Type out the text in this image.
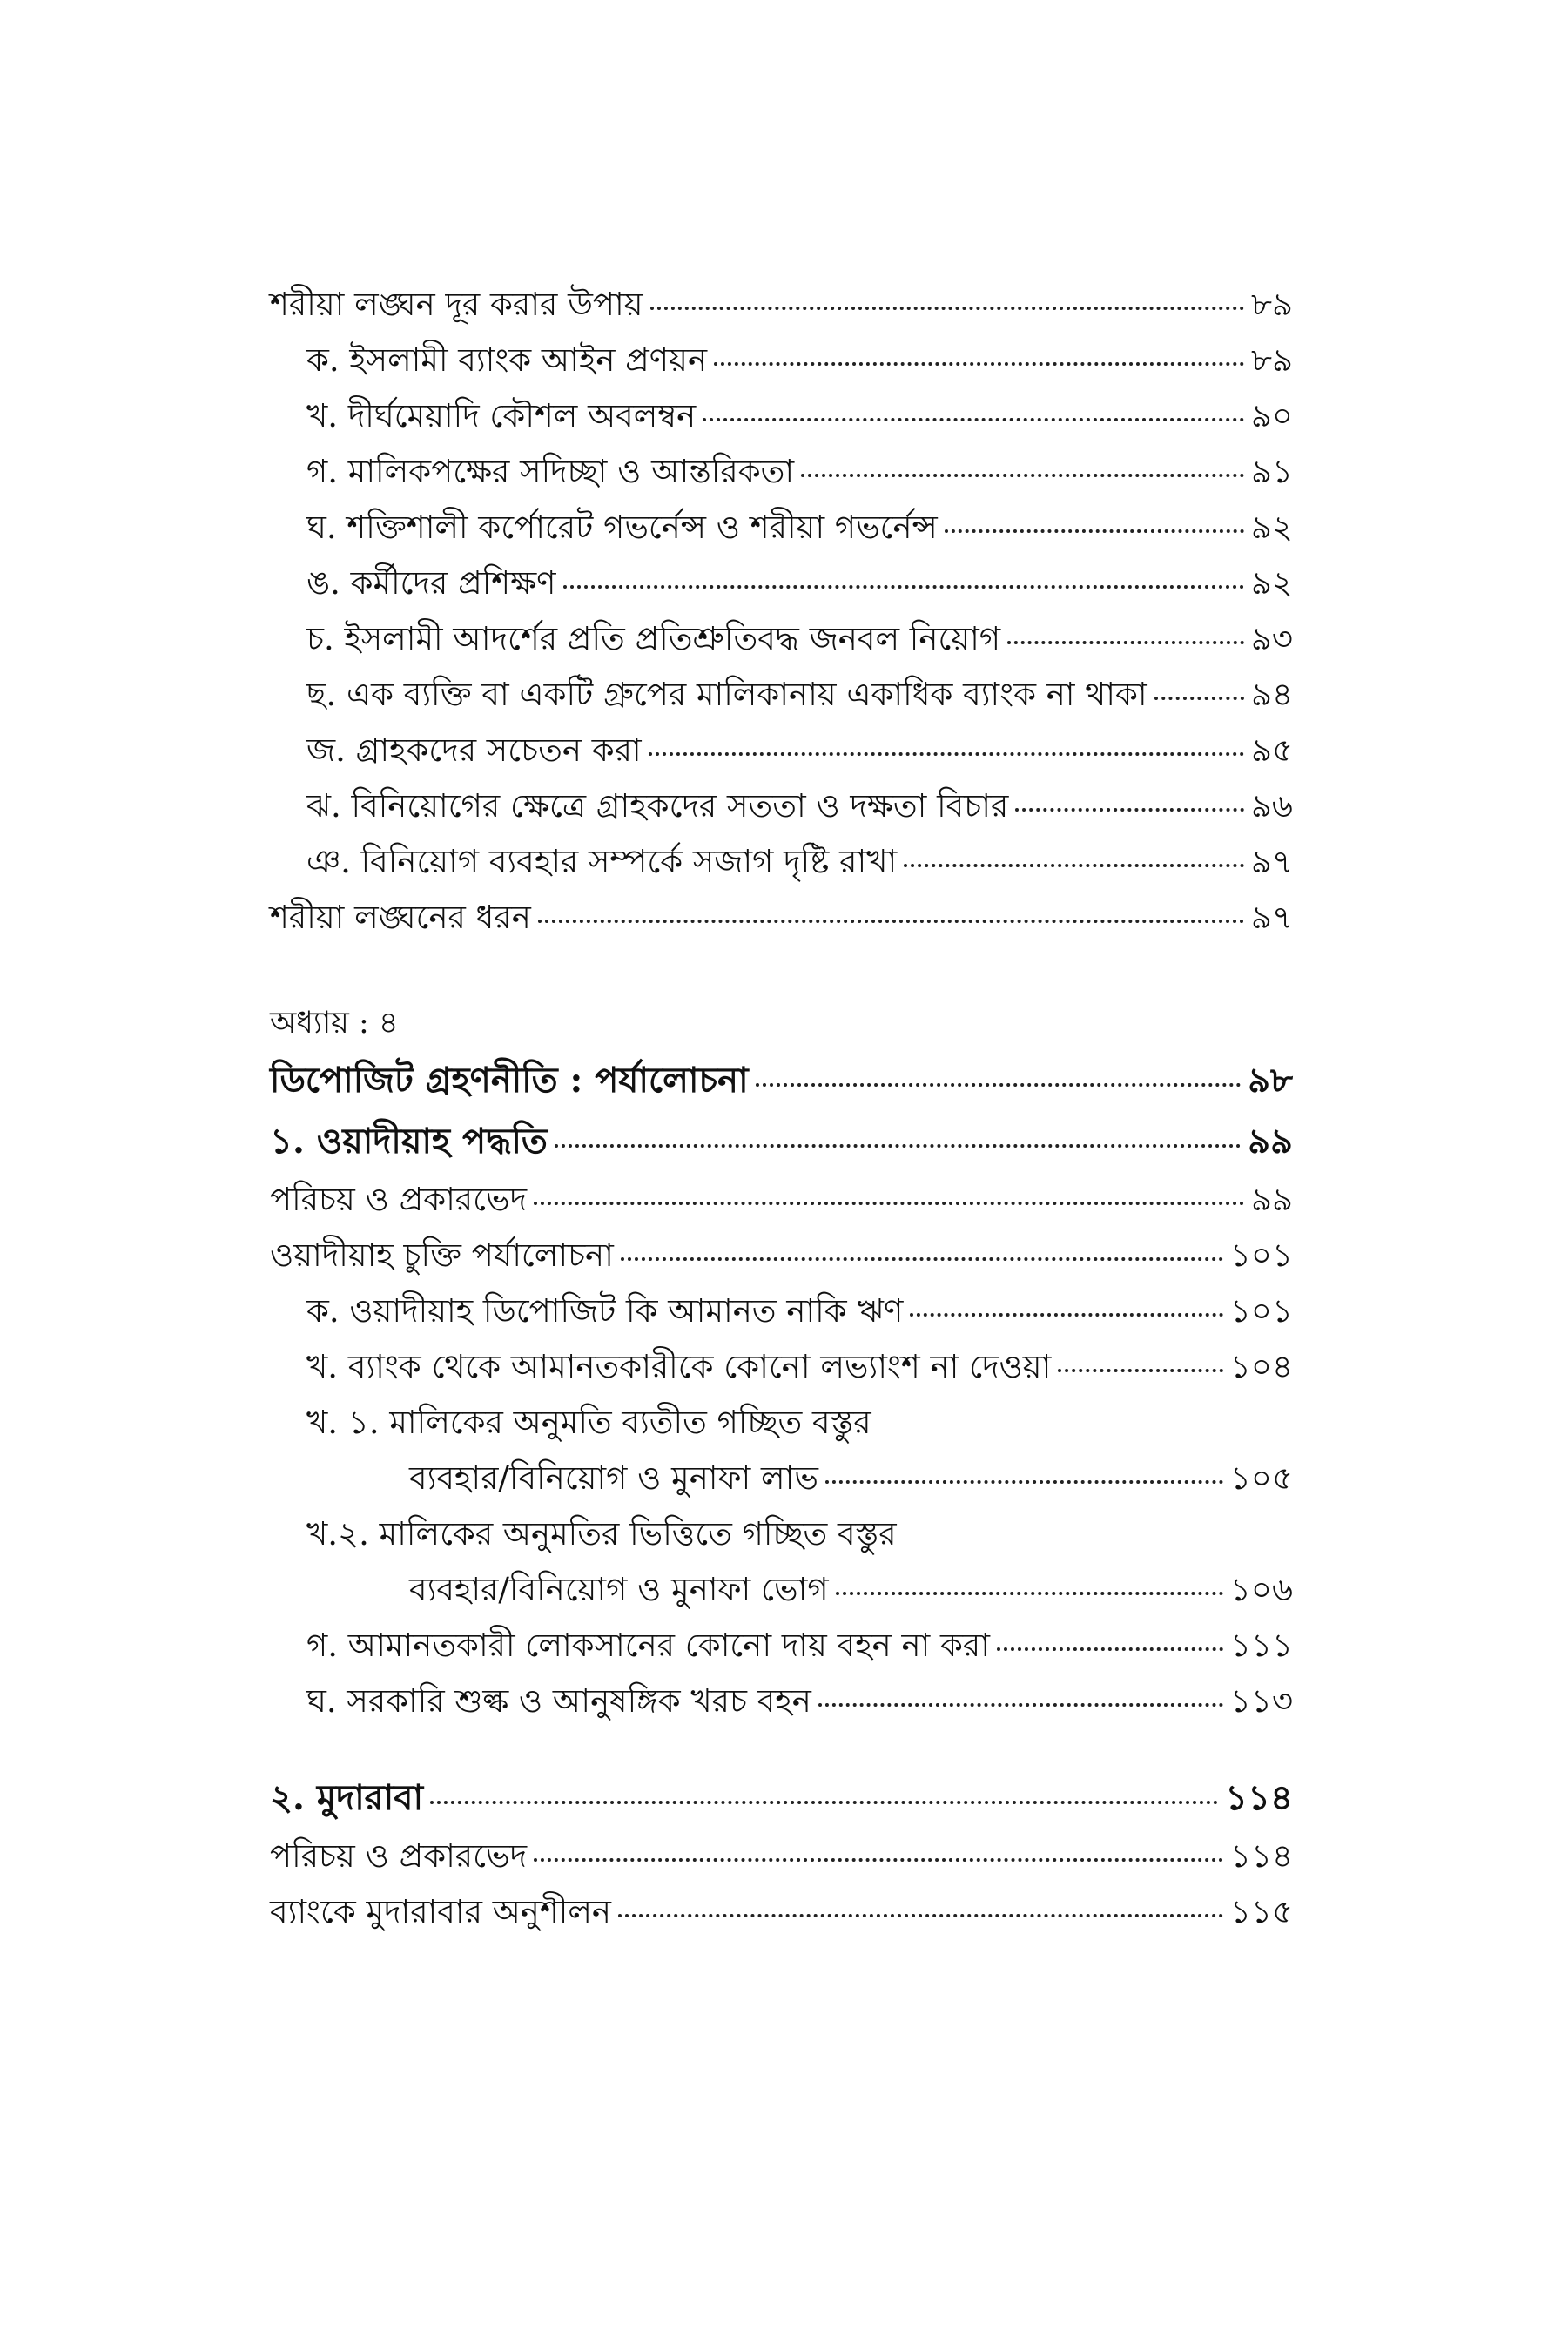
শরীয়া লঙ্ঘন দূর করার উপায়	৮৯
ক. ইসলামী ব্যাংক আইন প্রণয়ন	৮৯
খ. দীর্ঘমেয়াদি কৌশল অবলম্বন	৯০
গ. মালিকপক্ষের সদিচ্ছা ও আন্তরিকতা	৯১
ঘ. শক্তিশালী কর্পোরেট গভর্নেন্স ও শরীয়া গভর্নেন্স	৯২
ঙ. কর্মীদের প্রশিক্ষণ	৯২
চ. ইসলামী আদর্শের প্রতি প্রতিশ্রুতিবদ্ধ জনবল নিয়োগ	৯৩
ছ. এক ব্যক্তি বা একটি গ্রুপের মালিকানায় একাধিক ব্যাংক না থাকা	৯৪
জ. গ্রাহকদের সচেতন করা	৯৫
ঝ. বিনিয়োগের ক্ষেত্রে গ্রাহকদের সততা ও দক্ষতা বিচার	৯৬
ঞ. বিনিয়োগ ব্যবহার সম্পর্কে সজাগ দৃষ্টি রাখা	৯৭
শরীয়া লঙ্ঘনের ধরন	৯৭
অধ্যায় : ৪
ডিপোজিট গ্রহণনীতি : পর্যালোচনা	৯৮
১. ওয়াদীয়াহ পদ্ধতি	৯৯
পরিচয় ও প্রকারভেদ	৯৯
ওয়াদীয়াহ চুক্তি পর্যালোচনা	১০১
ক. ওয়াদীয়াহ ডিপোজিট কি আমানত নাকি ঋণ	১০১
খ. ব্যাংক থেকে আমানতকারীকে কোনো লভ্যাংশ না দেওয়া	১০৪
খ. ১. মালিকের অনুমতি ব্যতীত গচ্ছিত বস্তুর
ব্যবহার/বিনিয়োগ ও মুনাফা লাভ	১০৫
খ.২. মালিকের অনুমতির ভিত্তিতে গচ্ছিত বস্তুর
ব্যবহার/বিনিয়োগ ও মুনাফা ভোগ	১০৬
গ. আমানতকারী লোকসানের কোনো দায় বহন না করা	১১১
ঘ. সরকারি শুল্ক ও আনুষঙ্গিক খরচ বহন	১১৩
২. মুদারাবা	১১৪
পরিচয় ও প্রকারভেদ	১১৪
ব্যাংকে মুদারাবার অনুশীলন	১১৫
